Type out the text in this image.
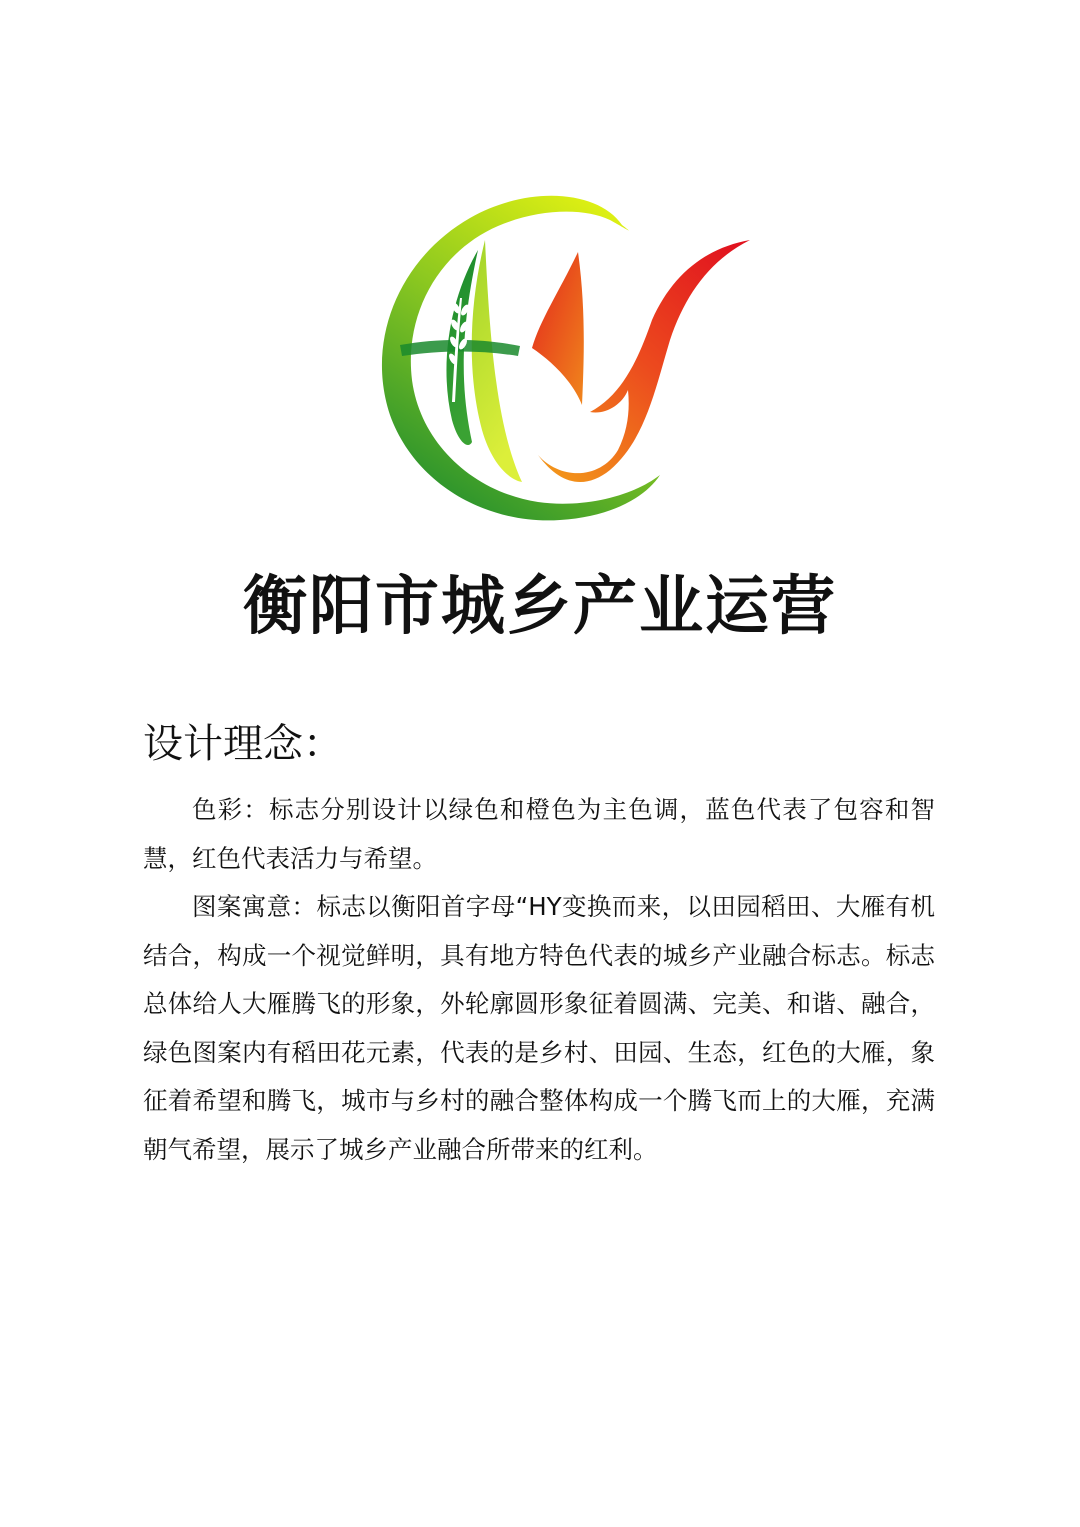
衡阳市城乡产业运营
设计理念：

色彩：标志分别设计以绿色和橙色为主色调，蓝色代表了包容和智慧，红色代表活力与希望。

图案寓意：标志以衡阳首字母“HY变换而来，以田园稻田、大雁有机结合，构成一个视觉鲜明，具有地方特色代表的城乡产业融合标志。标志总体给人大雁腾飞的形象，外轮廓圆形象征着圆满、完美、和谐、融合，绿色图案内有稻田花元素，代表的是乡村、田园、生态，红色的大雁，象征着希望和腾飞，城市与乡村的融合整体构成一个腾飞而上的大雁，充满朝气希望，展示了城乡产业融合所带来的红利。
